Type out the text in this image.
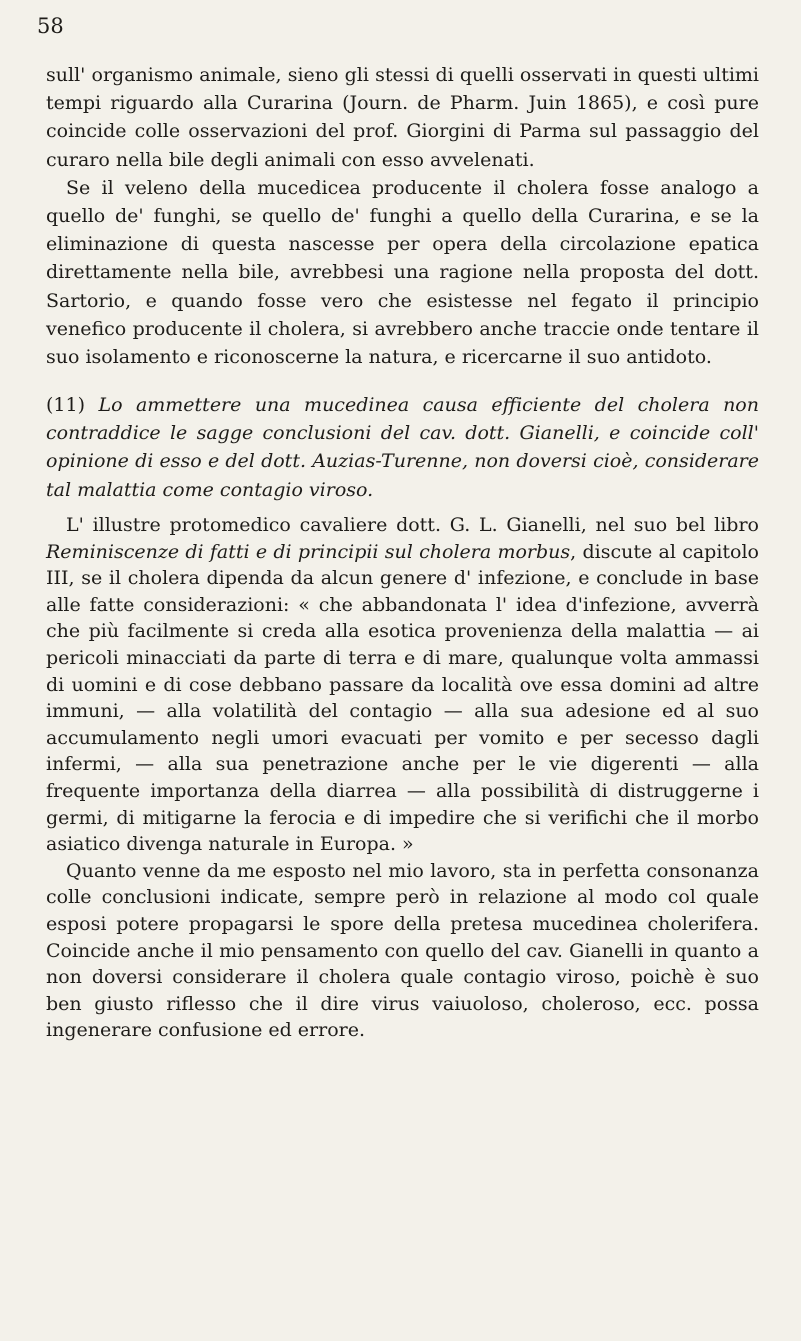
58

sull' organismo animale, sieno gli stessi di quelli osservati in questi ultimi tempi riguardo alla Curarina (Journ. de Pharm. Juin 1865), e così pure coincide colle osservazioni del prof. Giorgini di Parma sul passaggio del curaro nella bile degli animali con esso avvelenati.

Se il veleno della mucedicea producente il cholera fosse analogo a quello de' funghi, se quello de' funghi a quello della Curarina, e se la eliminazione di questa nascesse per opera della circolazione epatica direttamente nella bile, avrebbesi una ragione nella proposta del dott. Sartorio, e quando fosse vero che esistesse nel fegato il principio venefico producente il cholera, si avrebbero anche traccie onde tentare il suo isolamento e riconoscerne la natura, e ricercarne il suo antidoto.

(11) Lo ammettere una mucedinea causa efficiente del cholera non contraddice le sagge conclusioni del cav. dott. Gianelli, e coincide coll' opinione di esso e del dott. Auzias-Turenne, non doversi cioè, considerare tal malattia come contagio viroso.

L' illustre protomedico cavaliere dott. G. L. Gianelli, nel suo bel libro Reminiscenze di fatti e di principii sul cholera morbus, discute al capitolo III, se il cholera dipenda da alcun genere d' infezione, e conclude in base alle fatte considerazioni: « che abbandonata l' idea d'infezione, avverrà che più facilmente si creda alla esotica provenienza della malattia — ai pericoli minacciati da parte di terra e di mare, qualunque volta ammassi di uomini e di cose debbano passare da località ove essa domini ad altre immuni, — alla volatilità del contagio — alla sua adesione ed al suo accumulamento negli umori evacuati per vomito e per secesso dagli infermi, — alla sua penetrazione anche per le vie digerenti — alla frequente importanza della diarrea — alla possibilità di distruggerne i germi, di mitigarne la ferocia e di impedire che si verifichi che il morbo asiatico divenga naturale in Europa. »

Quanto venne da me esposto nel mio lavoro, sta in perfetta consonanza colle conclusioni indicate, sempre però in relazione al modo col quale esposi potere propagarsi le spore della pretesa mucedinea cholerifera. Coincide anche il mio pensamento con quello del cav. Gianelli in quanto a non doversi considerare il cholera quale contagio viroso, poichè è suo ben giusto riflesso che il dire virus vaiuoloso, choleroso, ecc. possa ingenerare confusione ed errore.
